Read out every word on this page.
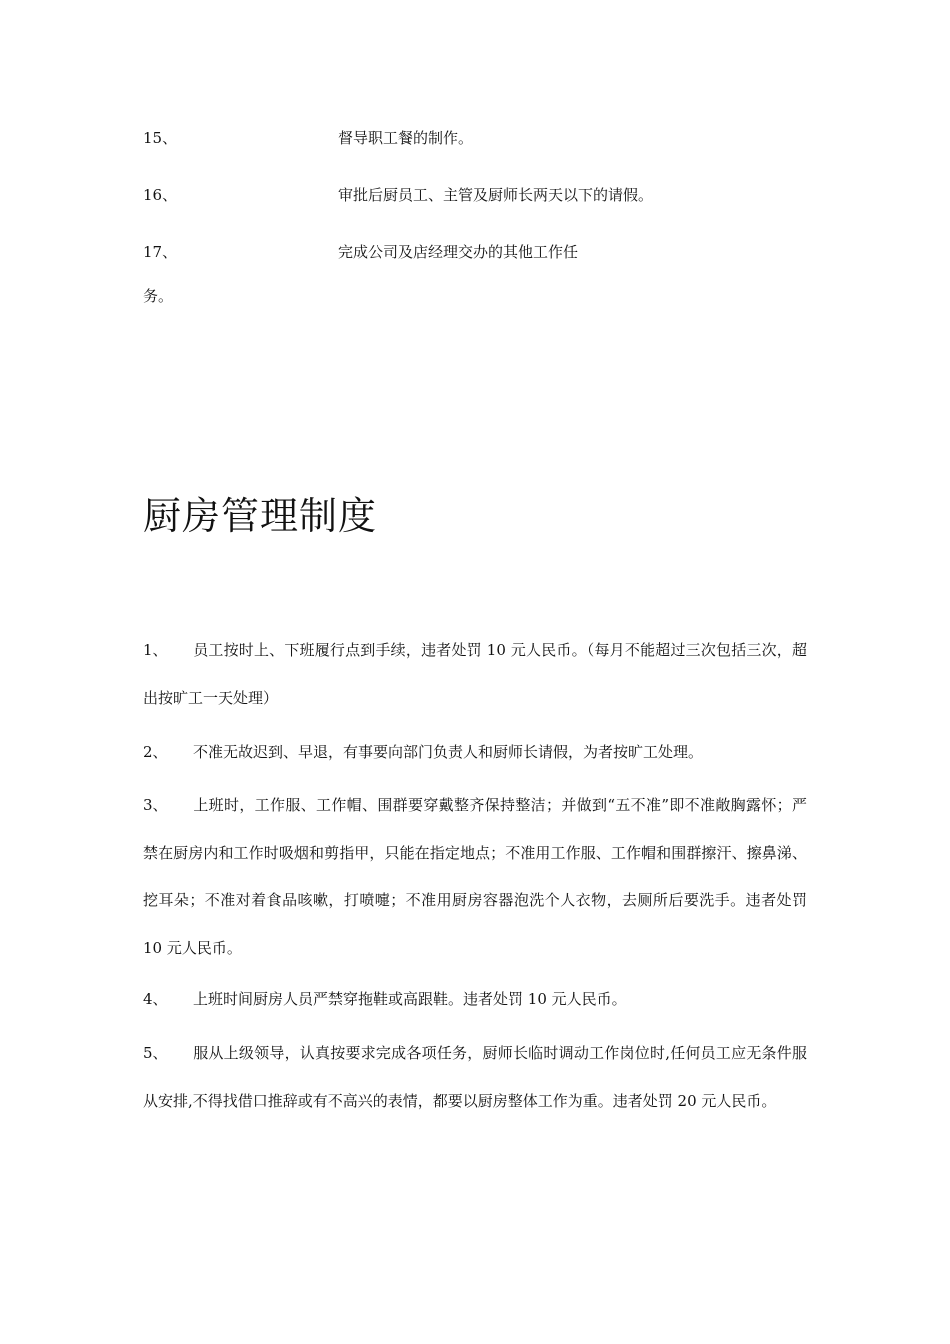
15、	督导职工餐的制作。
16、	审批后厨员工、主管及厨师长两天以下的请假。
17、	完成公司及店经理交办的其他工作任
务。
厨房管理制度
1、 员工按时上、下班履行点到手续，违者处罚 10 元人民币。（每月不能超过三次包括三次，超出按旷工一天处理）
2、 不准无故迟到、早退，有事要向部门负责人和厨师长请假，为者按旷工处理。
3、 上班时，工作服、工作帽、围群要穿戴整齐保持整洁；并做到“五不准”即不准敞胸露怀；严禁在厨房内和工作时吸烟和剪指甲，只能在指定地点；不准用工作服、工作帽和围群擦汗、擦鼻涕、挖耳朵；不准对着食品咳嗽，打喷嚏；不准用厨房容器泡洗个人衣物，去厕所后要洗手。违者处罚 10 元人民币。
4、 上班时间厨房人员严禁穿拖鞋或高跟鞋。违者处罚 10 元人民币。
5、 服从上级领导，认真按要求完成各项任务，厨师长临时调动工作岗位时,任何员工应无条件服从安排,不得找借口推辞或有不高兴的表情，都要以厨房整体工作为重。违者处罚 20 元人民币。
